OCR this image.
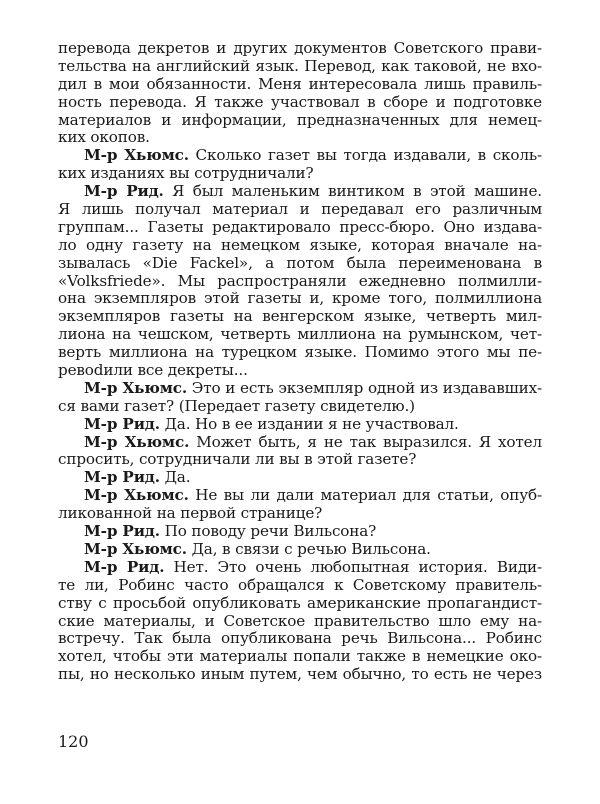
перевода декретов и других документов Советского прави-
тельства на английский язык. Перевод, как таковой, не вхо-
дил в мои обязанности. Меня интересовала лишь правиль-
ность перевода. Я также участвовал в сборе и подготовке
материалов и информации, предназначенных для немец-
ких окопов.
М-р Хьюмс. Сколько газет вы тогда издавали, в сколь-
ких изданиях вы сотрудничали?
М-р Рид. Я был маленьким винтиком в этой машине.
Я лишь получал материал и передавал его различным
группам... Газеты редактировало пресс-бюро. Оно издава-
ло одну газету на немецком языке, которая вначале на-
зывалась «Die Fackel», а потом была переименована в
«Volksfriede». Мы распространяли ежедневно полмилли-
она экземпляров этой газеты и, кроме того, полмиллиона
экземпляров газеты на венгерском языке, четверть мил-
лиона на чешском, четверть миллиона на румынском, чет-
верть миллиона на турецком языке. Помимо этого мы пе-
ревodили все декреты...
М-р Хьюмс. Это и есть экземпляр одной из издававших-
ся вами газет? (Передает газету свидетелю.)
М-р Рид. Да. Но в ее издании я не участвовал.
М-р Хьюмс. Может быть, я не так выразился. Я хотел
спросить, сотрудничали ли вы в этой газете?
М-р Рид. Да.
М-р Хьюмс. Не вы ли дали материал для статьи, опуб-
ликованной на первой странице?
М-р Рид. По поводу речи Вильсона?
М-р Хьюмс. Да, в связи с речью Вильсона.
М-р Рид. Нет. Это очень любопытная история. Види-
те ли, Робинс часто обращался к Советскому правитель-
ству с просьбой опубликовать американские пропагандист-
ские материалы, и Советское правительство шло ему на-
встречу. Так была опубликована речь Вильсона... Робинс
хотел, чтобы эти материалы попали также в немецкие око-
пы, но несколько иным путем, чем обычно, то есть не через
120
